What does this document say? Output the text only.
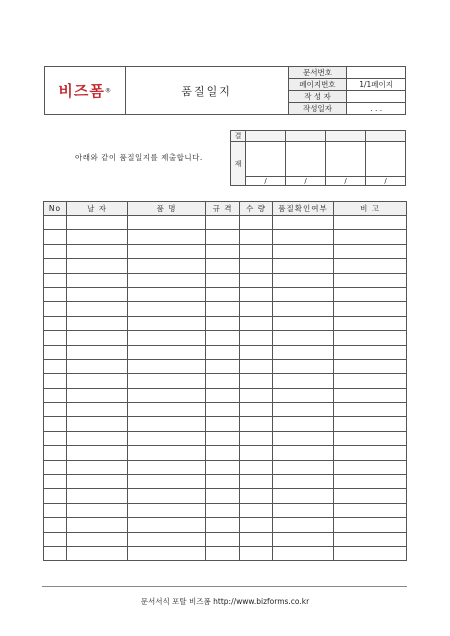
비즈폼®	품질일지	문서번호	
		페이지번호	1/1페이지
		작 성 자	
		작성일자	. . .
아래와 같이 품질일지를 제출합니다.
결				

재				
	/	/	/	/
No	날 자	품 명	규 격	수 량	품질확인여부	비 고

문서서식 포탈 비즈폼 http://www.bizforms.co.kr
